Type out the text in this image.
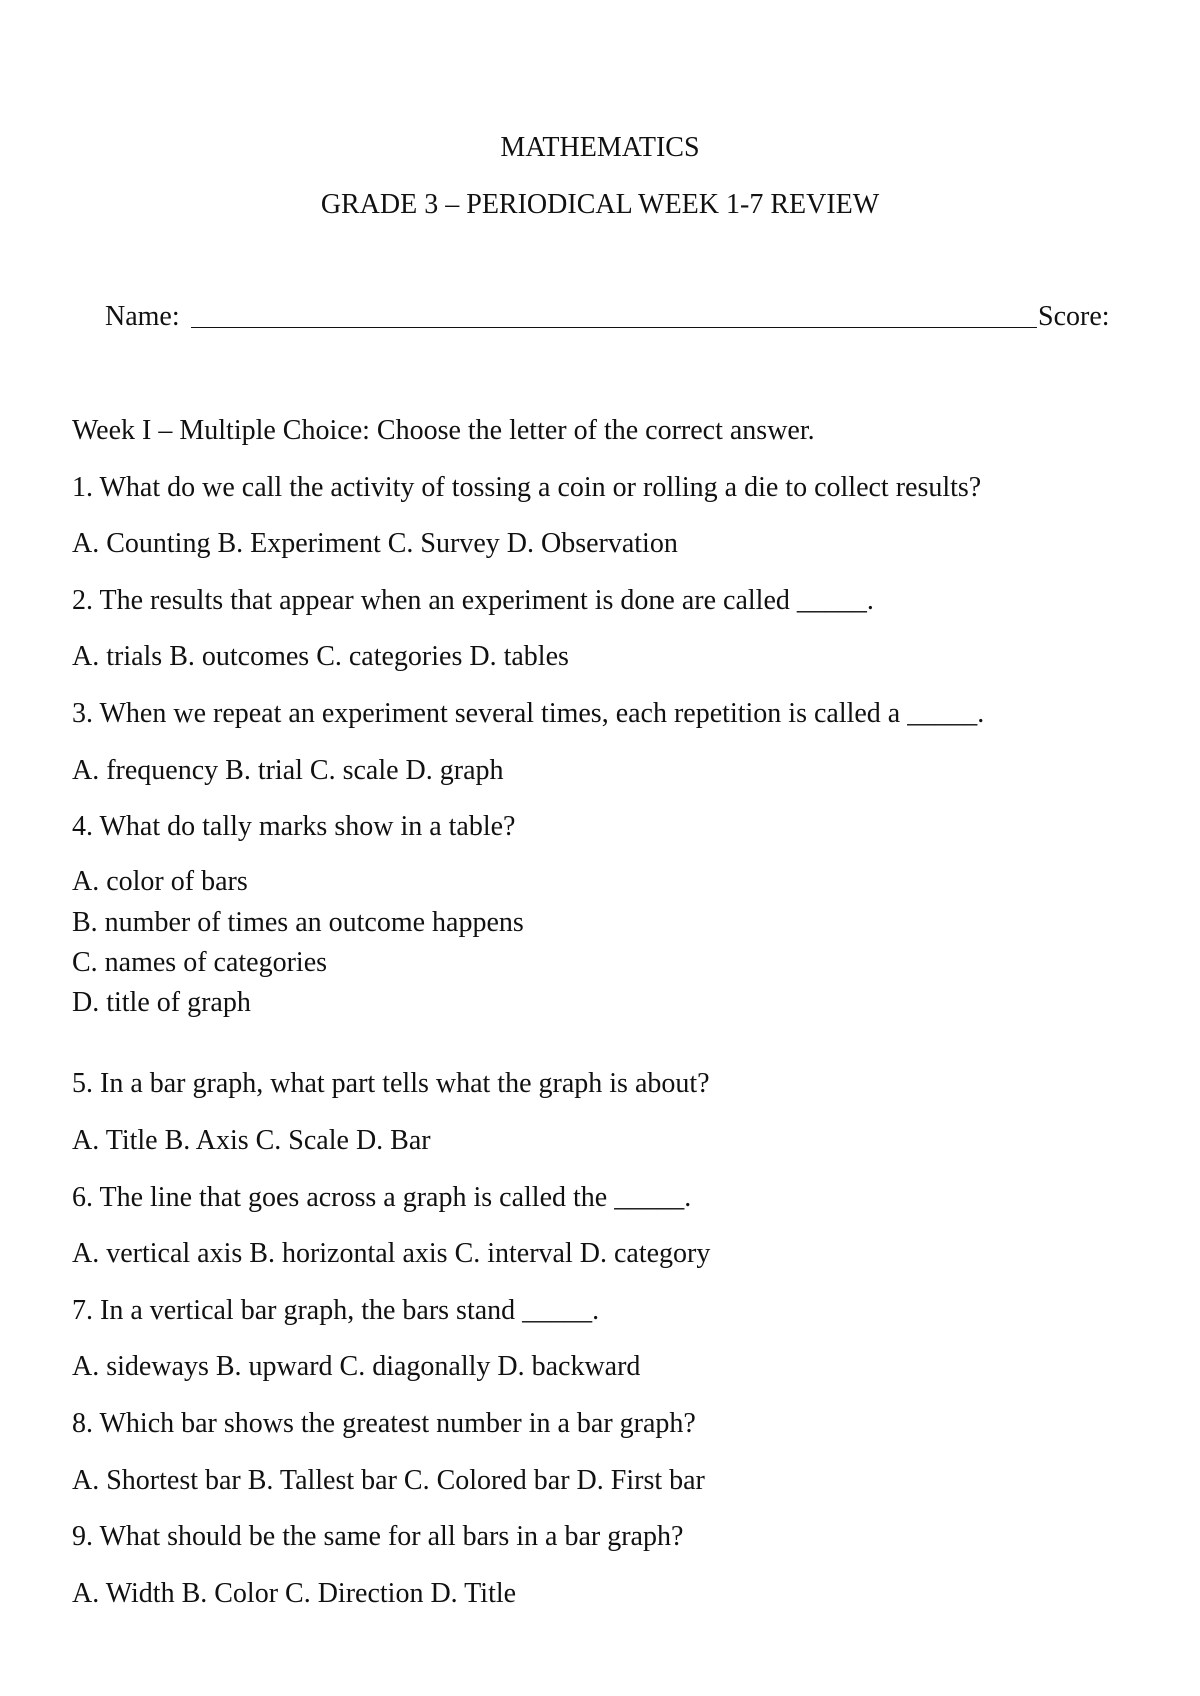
MATHEMATICS
GRADE 3 – PERIODICAL WEEK 1-7 REVIEW
Name:	Score:
Week I – Multiple Choice: Choose the letter of the correct answer.
1. What do we call the activity of tossing a coin or rolling a die to collect results?
A. Counting B. Experiment C. Survey D. Observation
2. The results that appear when an experiment is done are called _____.
A. trials B. outcomes C. categories D. tables
3. When we repeat an experiment several times, each repetition is called a _____.
A. frequency B. trial C. scale D. graph
4. What do tally marks show in a table?
A. color of bars
B. number of times an outcome happens
C. names of categories
D. title of graph
5. In a bar graph, what part tells what the graph is about?
A. Title B. Axis C. Scale D. Bar
6. The line that goes across a graph is called the _____.
A. vertical axis B. horizontal axis C. interval D. category
7. In a vertical bar graph, the bars stand _____.
A. sideways B. upward C. diagonally D. backward
8. Which bar shows the greatest number in a bar graph?
A. Shortest bar B. Tallest bar C. Colored bar D. First bar
9. What should be the same for all bars in a bar graph?
A. Width B. Color C. Direction D. Title
